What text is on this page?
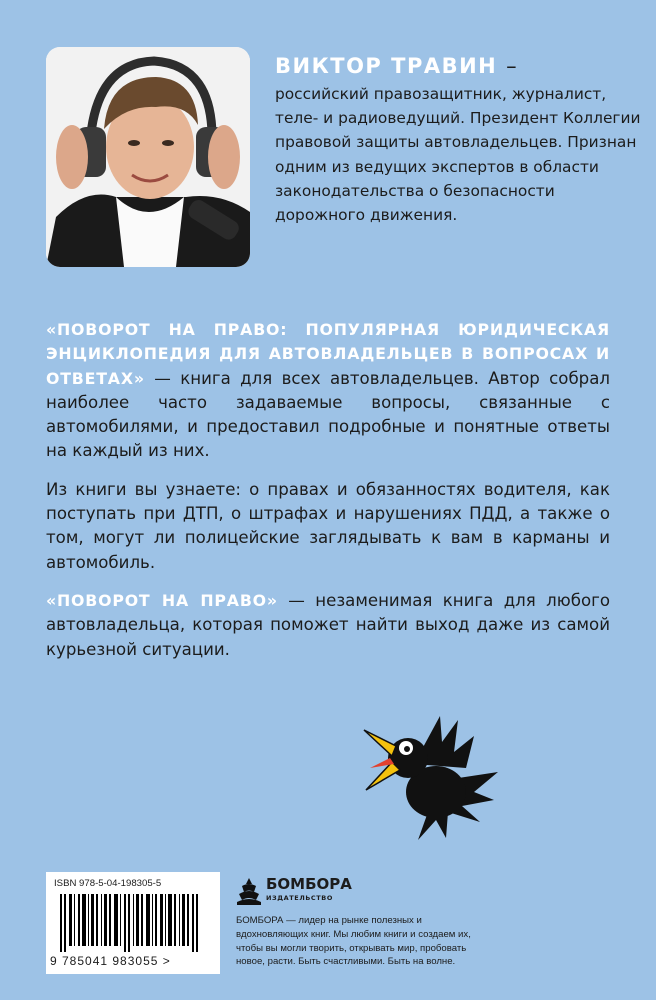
ВИКТОР ТРАВИН –

российский правозащитник, журналист, теле- и радиоведущий. Президент Коллегии правовой защиты автовладельцев. Признан одним из ведущих экспертов в области законодательства о безопасности дорожного движения.

«ПОВОРОТ НА ПРАВО: ПОПУЛЯРНАЯ ЮРИДИЧЕСКАЯ ЭНЦИКЛОПЕДИЯ ДЛЯ АВТОВЛАДЕЛЬЦЕВ В ВОПРОСАХ И ОТВЕТАХ» — книга для всех автовладельцев. Автор собрал наиболее часто задаваемые вопросы, связанные с автомобилями, и предоставил подробные и понятные ответы на каждый из них.

Из книги вы узнаете: о правах и обязанностях водителя, как поступать при ДТП, о штрафах и нарушениях ПДД, а также о том, могут ли полицейские заглядывать к вам в карманы и автомобиль.

«ПОВОРОТ НА ПРАВО» — незаменимая книга для любого автовладельца, которая поможет найти выход даже из самой курьезной ситуации.

ISBN 978-5-04-198305-5
9 785041 983055 >
БОМБОРА
ИЗДАТЕЛЬСТВО
БОМБОРА — лидер на рынке полезных и вдохновляющих книг. Мы любим книги и создаем их, чтобы вы могли творить, открывать мир, пробовать новое, расти. Быть счастливыми. Быть на волне.
